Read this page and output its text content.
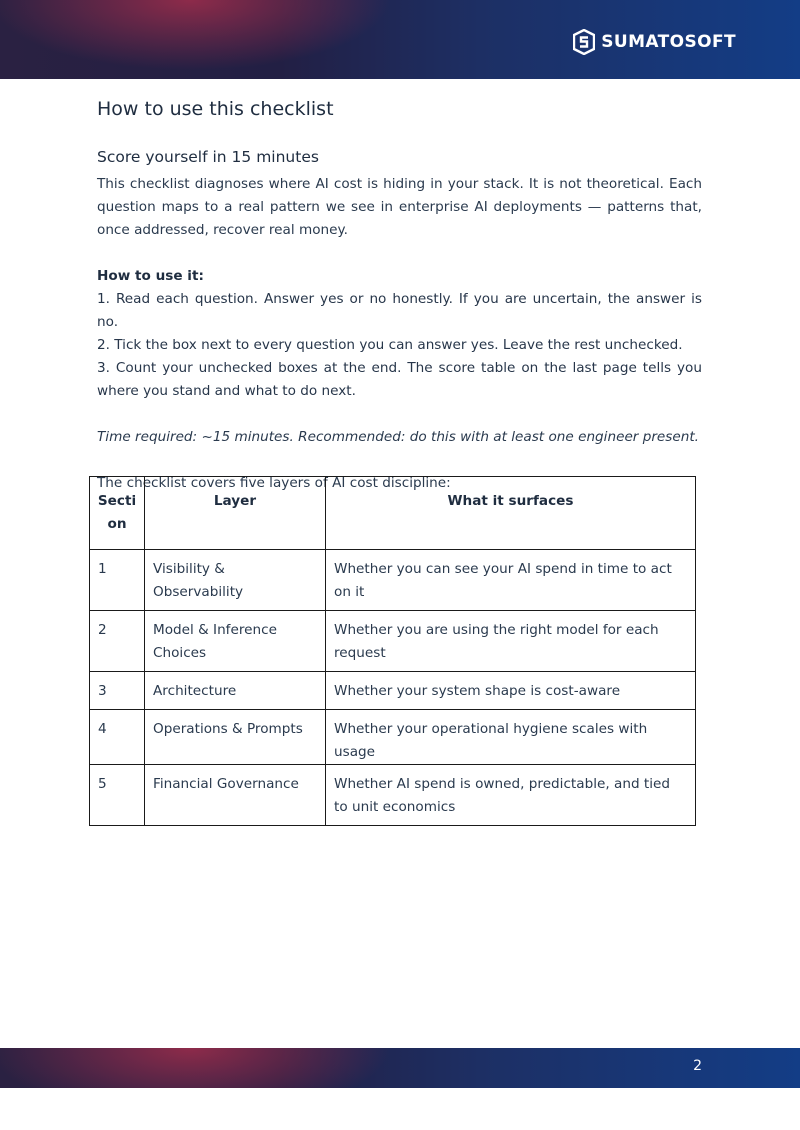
SUMATOSOFT
How to use this checklist
Score yourself in 15 minutes

This checklist diagnoses where AI cost is hiding in your stack. It is not theoretical. Each question maps to a real pattern we see in enterprise AI deployments — patterns that, once addressed, recover real money.

How to use it:

1. Read each question. Answer yes or no honestly. If you are uncertain, the answer is no.
2. Tick the box next to every question you can answer yes. Leave the rest unchecked.
3. Count your unchecked boxes at the end. The score table on the last page tells you where you stand and what to do next.

Time required: ~15 minutes. Recommended: do this with at least one engineer present.

The checklist covers five layers of AI cost discipline:

Section	Layer	What it surfaces
1	Visibility & Observability	Whether you can see your AI spend in time to act on it
2	Model & Inference Choices	Whether you are using the right model for each request
3	Architecture	Whether your system shape is cost-aware
4	Operations & Prompts	Whether your operational hygiene scales with usage
5	Financial Governance	Whether AI spend is owned, predictable, and tied to unit economics
2
